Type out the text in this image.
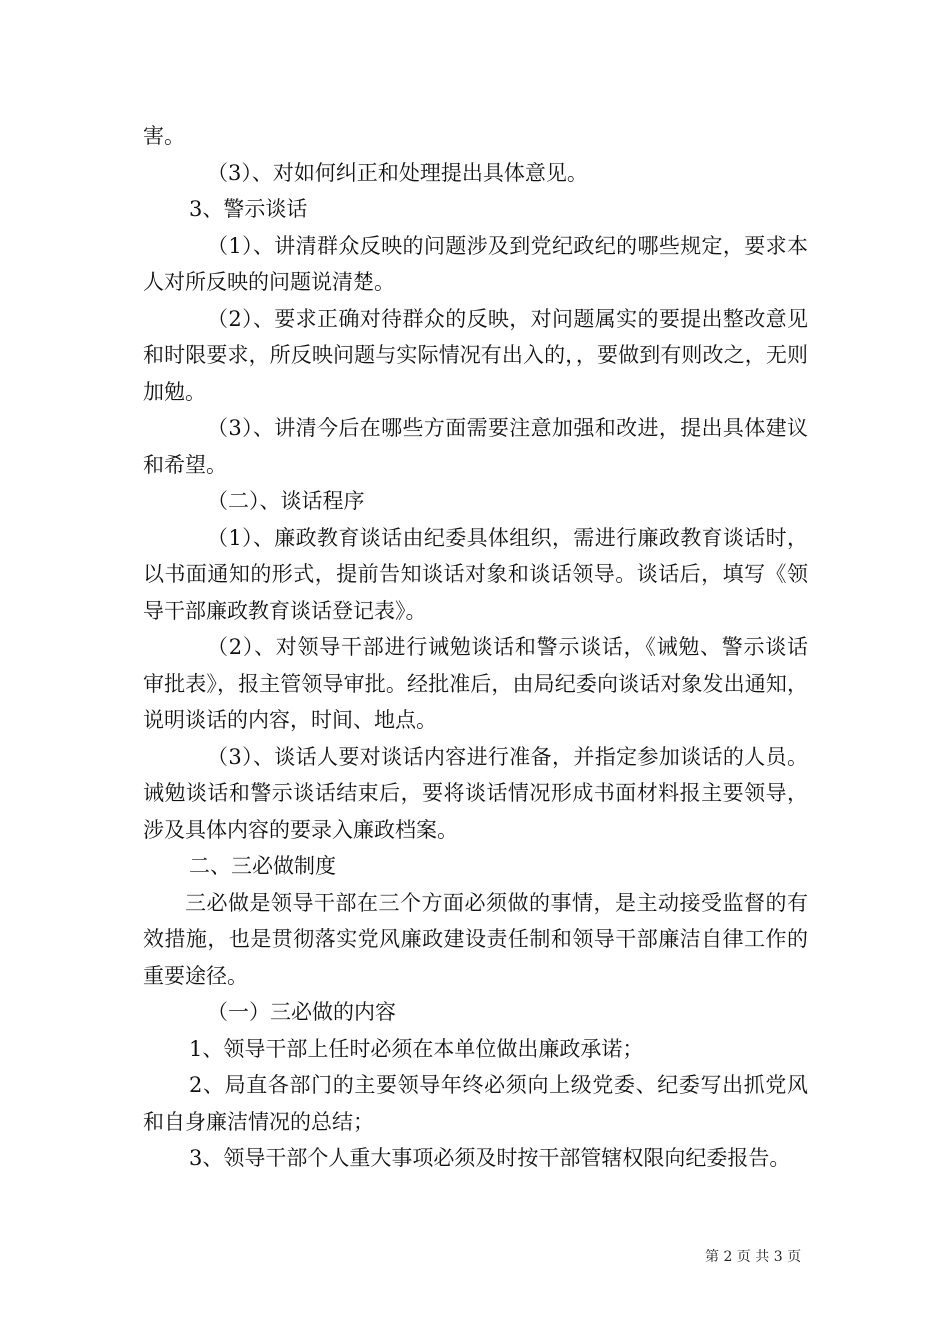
害。

（3）、对如何纠正和处理提出具体意见。

3、警示谈话

（1）、讲清群众反映的问题涉及到党纪政纪的哪些规定，要求本人对所反映的问题说清楚。

（2）、要求正确对待群众的反映，对问题属实的要提出整改意见和时限要求，所反映问题与实际情况有出入的，，要做到有则改之，无则加勉。

（3）、讲清今后在哪些方面需要注意加强和改进，提出具体建议和希望。

（二）、谈话程序

（1）、廉政教育谈话由纪委具体组织，需进行廉政教育谈话时，以书面通知的形式，提前告知谈话对象和谈话领导。谈话后，填写《领导干部廉政教育谈话登记表》。

（2）、对领导干部进行诫勉谈话和警示谈话，《诫勉、警示谈话审批表》，报主管领导审批。经批准后，由局纪委向谈话对象发出通知，说明谈话的内容，时间、地点。

（3）、谈话人要对谈话内容进行准备，并指定参加谈话的人员。诫勉谈话和警示谈话结束后，要将谈话情况形成书面材料报主要领导，涉及具体内容的要录入廉政档案。

二、三必做制度

三必做是领导干部在三个方面必须做的事情，是主动接受监督的有效措施，也是贯彻落实党风廉政建设责任制和领导干部廉洁自律工作的重要途径。

（一）三必做的内容

1、领导干部上任时必须在本单位做出廉政承诺；

2、局直各部门的主要领导年终必须向上级党委、纪委写出抓党风和自身廉洁情况的总结；

3、领导干部个人重大事项必须及时按干部管辖权限向纪委报告。

第 2 页 共 3 页
